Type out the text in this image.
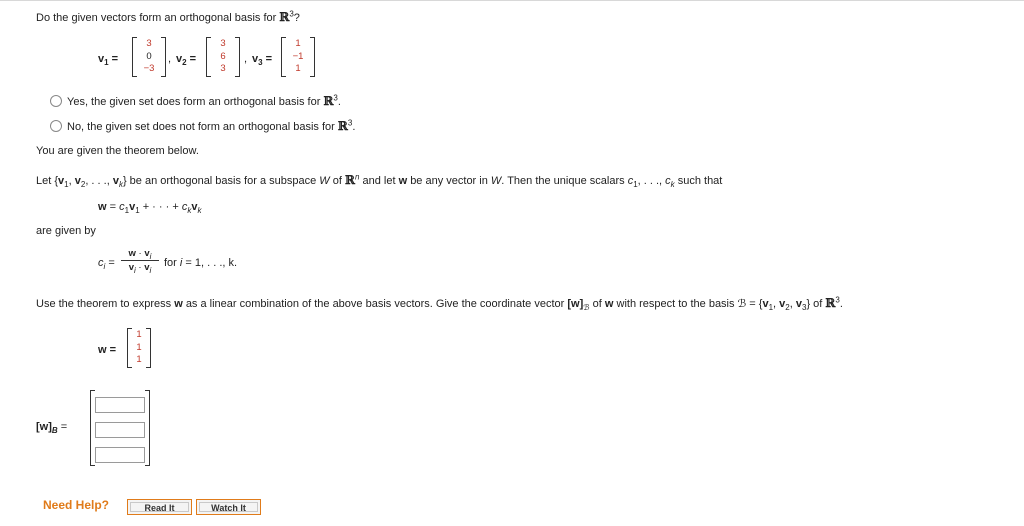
Do the given vectors form an orthogonal basis for ℝ$^3$?
$v_1$ =
3
0
−3
, $v_2$ =
3
6
3
, $v_3$ =
1
−1
1
Yes, the given set does form an orthogonal basis for ℝ$^3$.
No, the given set does not form an orthogonal basis for ℝ$^3$.
You are given the theorem below.
Let {$v_1$, $v_2$, . . ., $v_k$} be an orthogonal basis for a subspace W of ℝ$^n$ and let w be any vector in W. Then the unique scalars $c_1$, . . ., $c_k$ such that
$w = c_1v_1$ + · · · + $c_kv_k$
are given by
$c_i$ =
$w \cdot v_i$
$v_i \cdot v_i$
for i = 1, . . ., k.
Use the theorem to express w as a linear combination of the above basis vectors. Give the coordinate vector $[w]_ℬ$ of w with respect to the basis ℬ = {$v_1$, $v_2$, $v_3$} of ℝ$^3$.
w =
1
1
1
$[w]_B$ =
Need Help?	Read It	Watch It
